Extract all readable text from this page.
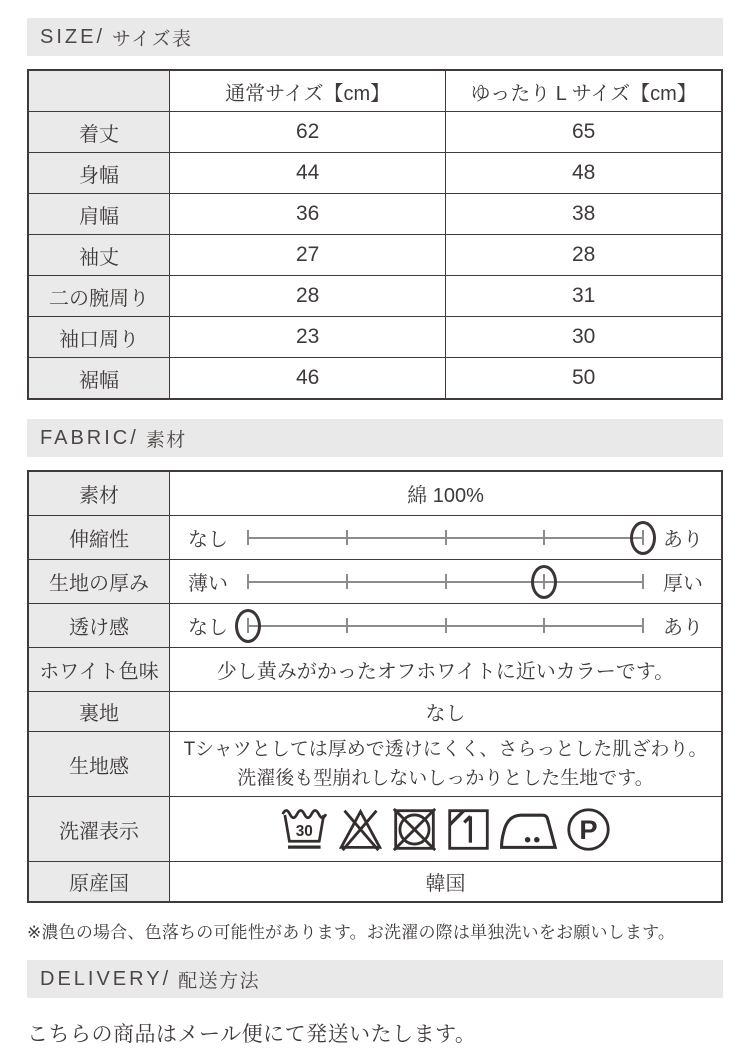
SIZE/ サイズ表
	通常サイズ【cm】	ゆったり L サイズ【cm】
着丈	62	65
身幅	44	48
肩幅	36	38
袖丈	27	28
二の腕周り	28	31
袖口周り	23	30
裾幅	46	50
FABRIC/ 素材
素材	綿 100%
伸縮性	なし あり

生地の厚み	薄い 厚い

透け感	なし あり

ホワイト色味	少し黄みがかったオフホワイトに近いカラーです。
裏地	なし
生地感	Tシャツとしては厚めで透けにくく、さらっとした肌ざわり。
洗濯後も型崩れしないしっかりとした生地です。

洗濯表示	30 P

原産国	韓国
※濃色の場合、色落ちの可能性があります。お洗濯の際は単独洗いをお願いします。
DELIVERY/ 配送方法
こちらの商品はメール便にて発送いたします。
